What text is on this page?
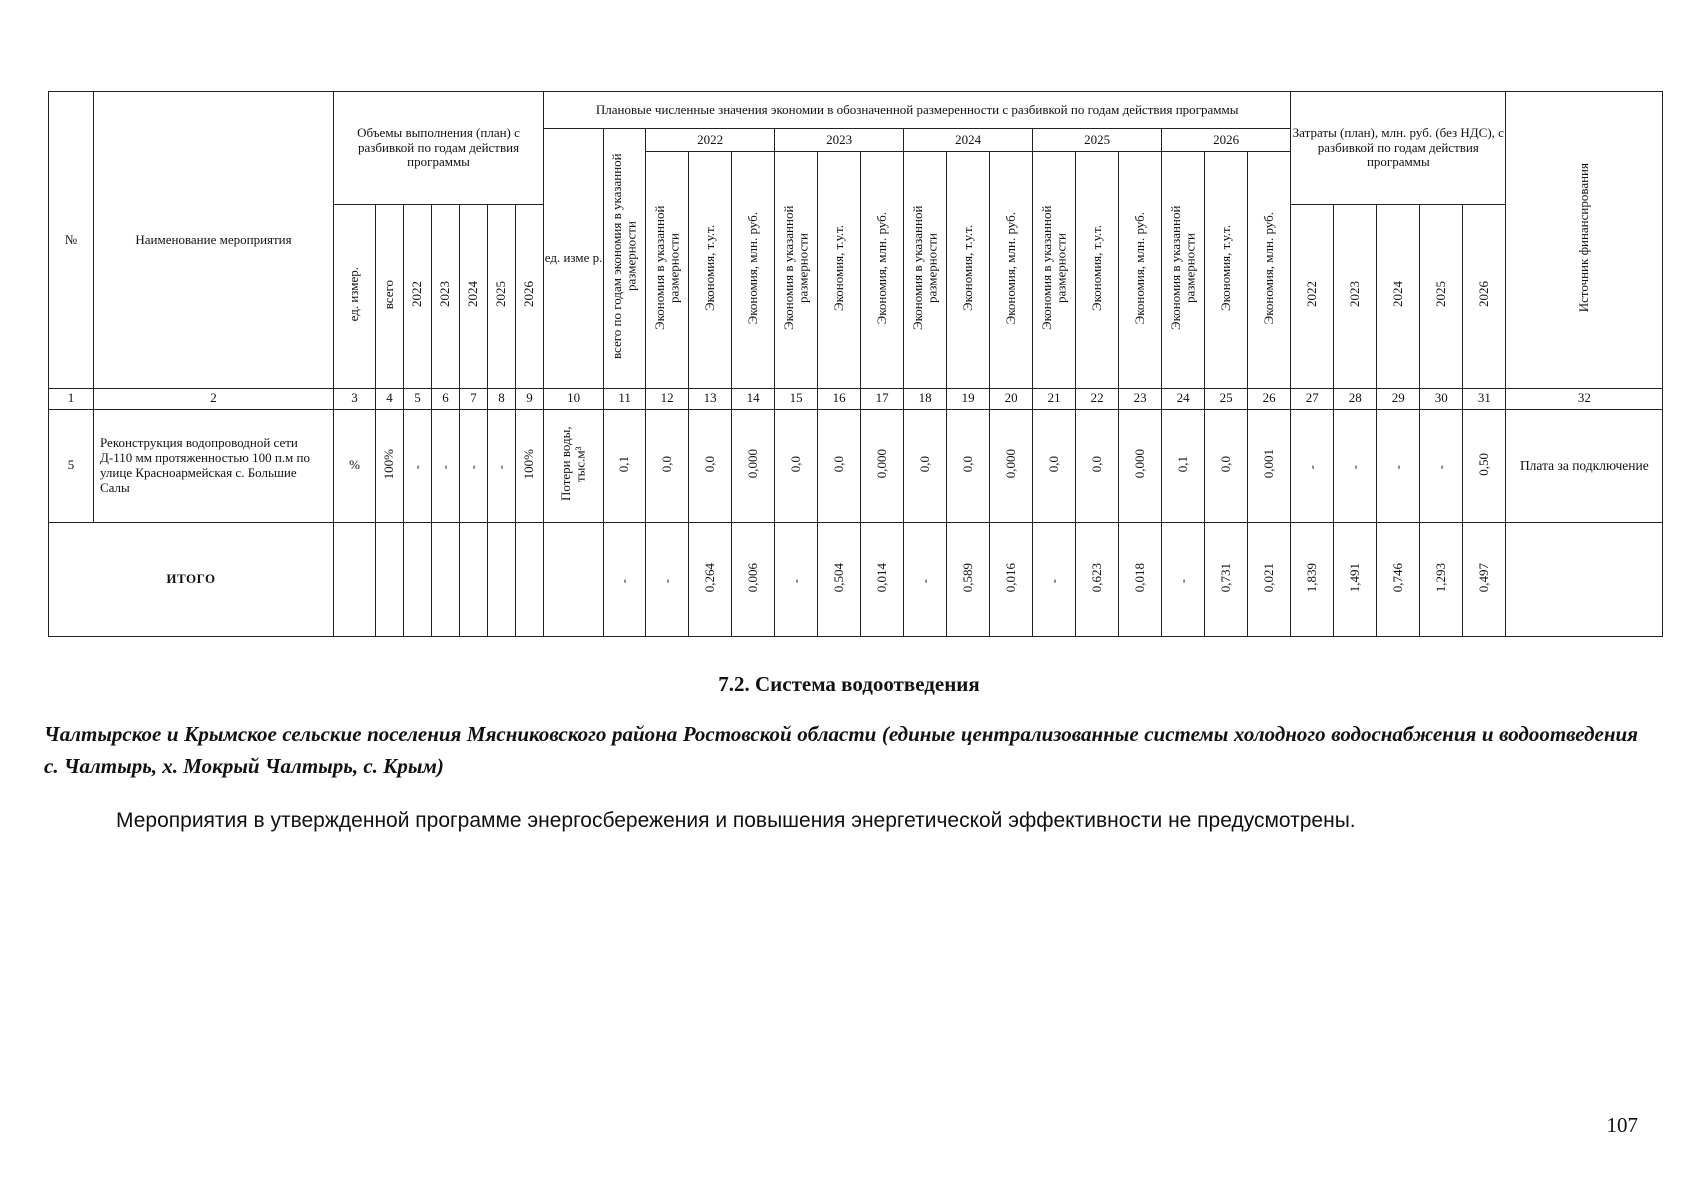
№	Наименование мероприятия	Объемы выполнения (план) с разбивкой по годам действия программы							Плановые численные значения экономии в обозначенной размеренности с разбивкой по годам действия программы																	Затраты (план), млн. руб. (без НДС), с разбивкой по годам действия программы					Источник финансирования
									ед. изме р.	всего по годам экономия в указанной размерности	2022			2023			2024			2025			2026								
											Экономия в указанной размерности	Экономия, т.у.т.	Экономия, млн. руб.	Экономия в указанной размерности	Экономия, т.у.т.	Экономия, млн. руб.	Экономия в указанной размерности	Экономия, т.у.т.	Экономия, млн. руб.	Экономия в указанной размерности	Экономия, т.у.т.	Экономия, млн. руб.	Экономия в указанной размерности	Экономия, т.у.т.	Экономия, млн. руб.						
		ед. измер.	всего	2022	2023	2024	2025	2026																		2022	2023	2024	2025	2026	
1	2	3	4	5	6	7	8	9	10	11	12	13	14	15	16	17	18	19	20	21	22	23	24	25	26	27	28	29	30	31	32
5	Реконструкция водопроводной сети Д-110 мм протяженностью 100 п.м по улице Красноармейская с. Большие Салы	%	100%	-	-	-	-	100%	Потери воды, тыс.м³	0,1	0,0	0,0	0,000	0,0	0,0	0,000	0,0	0,0	0,000	0,0	0,0	0,000	0,1	0,0	0,001	-	-	-	-	0,50	Плата за подключение
ИТОГО										-	-	0,264	0,006	-	0,504	0,014	-	0,589	0,016	-	0,623	0,018	-	0,731	0,021	1,839	1,491	0,746	1,293	0,497	
7.2. Система водоотведения
Чалтырское и Крымское сельские поселения Мясниковского района Ростовской области (единые централизованные системы холодного водоснабжения и водоотведения с. Чалтырь, х. Мокрый Чалтырь, с. Крым)
Мероприятия в утвержденной программе энергосбережения и повышения энергетической эффективности не предусмотрены.
107
